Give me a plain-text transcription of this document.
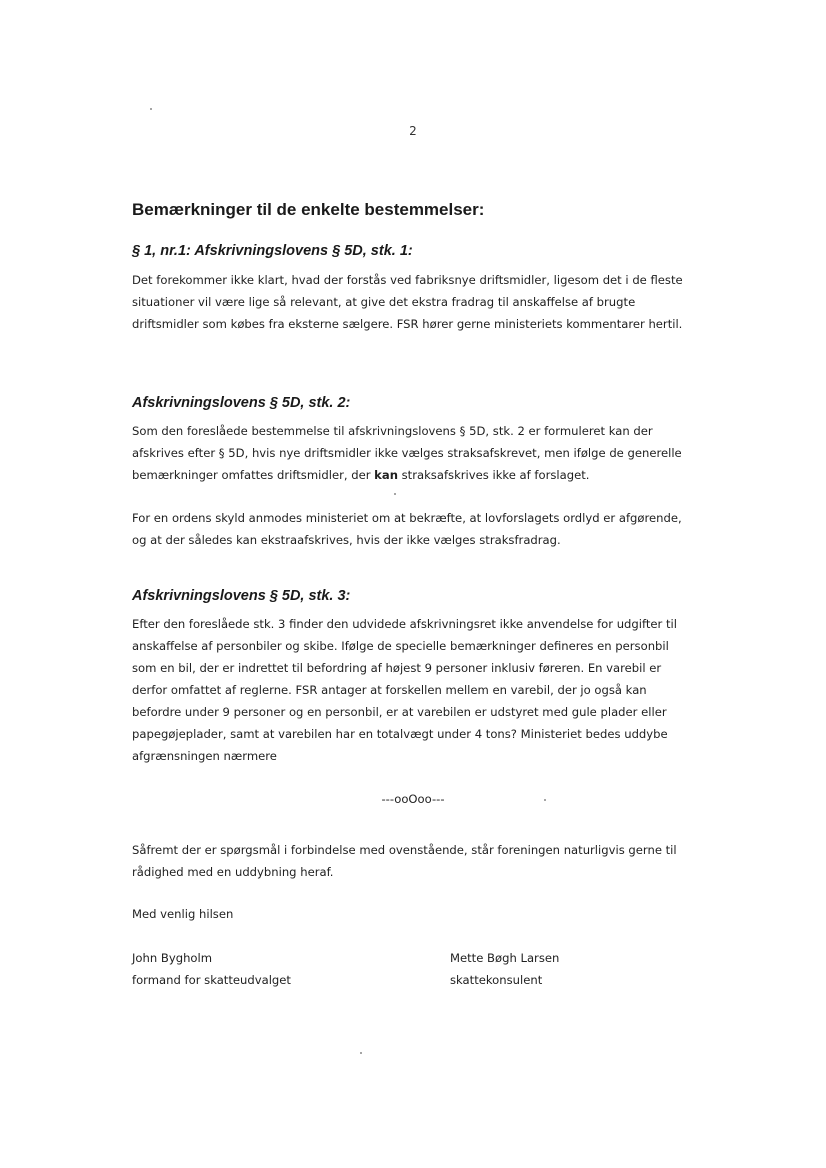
2
Bemærkninger til de enkelte bestemmelser:
§ 1, nr.1: Afskrivningslovens § 5D, stk. 1:

Det forekommer ikke klart, hvad der forstås ved fabriksnye driftsmidler, ligesom det i de fleste situationer vil være lige så relevant, at give det ekstra fradrag til anskaffelse af brugte driftsmidler som købes fra eksterne sælgere. FSR hører gerne ministeriets kommentarer hertil.

Afskrivningslovens § 5D, stk. 2:

Som den foreslåede bestemmelse til afskrivningslovens § 5D, stk. 2 er formuleret kan der afskrives efter § 5D, hvis nye driftsmidler ikke vælges straksafskrevet, men ifølge de generelle bemærkninger omfattes driftsmidler, der kan straksafskrives ikke af forslaget.

For en ordens skyld anmodes ministeriet om at bekræfte, at lovforslagets ordlyd er afgørende, og at der således kan ekstraafskrives, hvis der ikke vælges straksfradrag.

Afskrivningslovens § 5D, stk. 3:

Efter den foreslåede stk. 3 finder den udvidede afskrivningsret ikke anvendelse for udgifter til anskaffelse af personbiler og skibe. Ifølge de specielle bemærkninger defineres en personbil som en bil, der er indrettet til befordring af højest 9 personer inklusiv føreren. En varebil er derfor omfattet af reglerne. FSR antager at forskellen mellem en varebil, der jo også kan befordre under 9 personer og en personbil, er at varebilen er udstyret med gule plader eller papegøjeplader, samt at varebilen har en totalvægt under 4 tons? Ministeriet bedes uddybe afgrænsningen nærmere

---ooOoo---

Såfremt der er spørgsmål i forbindelse med ovenstående, står foreningen naturligvis gerne til rådighed med en uddybning heraf.

Med venlig hilsen
John Bygholm
formand for skatteudvalget
Mette Bøgh Larsen
skattekonsulent
